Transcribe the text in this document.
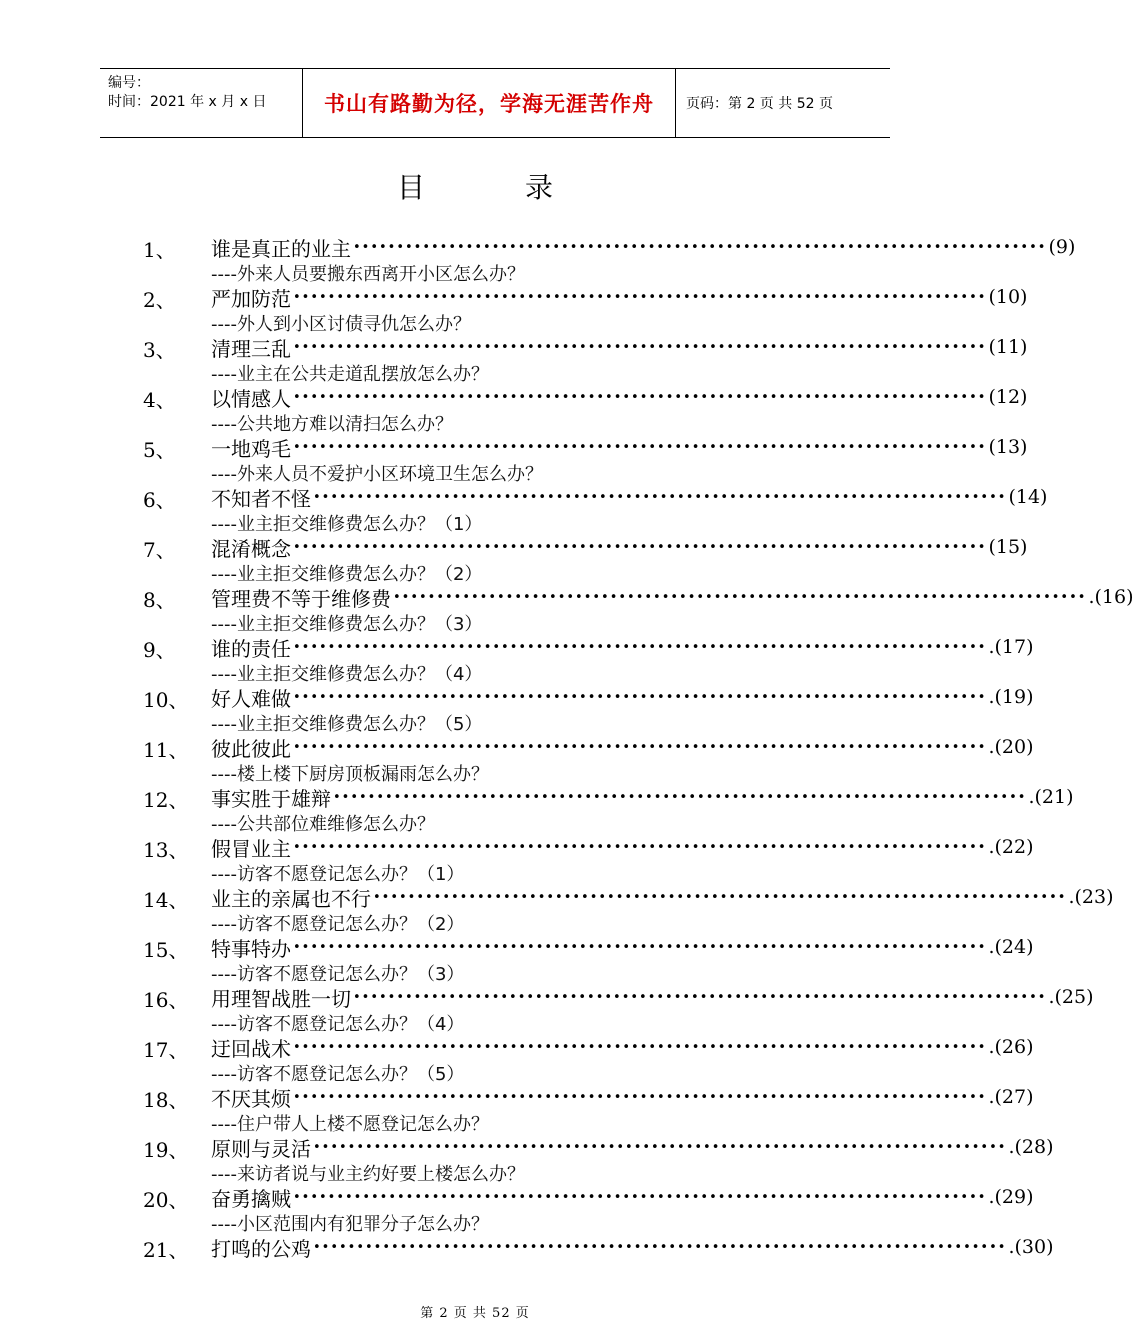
编号：
时间：2021 年 x 月 x 日	书山有路勤为径，学海无涯苦作舟	页码：第 2 页 共 52 页
目录
1、 谁是真正的业主 •••••••••••••••••••••••••••••••••••••••••••••••••••••••••••••••••••••••••••••••• (9)
----外来人员要搬东西离开小区怎么办？
2、 严加防范 •••••••••••••••••••••••••••••••••••••••••••••••••••••••••••••••••••••••••••••••• (10)
----外人到小区讨债寻仇怎么办？
3、 清理三乱 •••••••••••••••••••••••••••••••••••••••••••••••••••••••••••••••••••••••••••••••• (11)
----业主在公共走道乱摆放怎么办？
4、 以情感人 •••••••••••••••••••••••••••••••••••••••••••••••••••••••••••••••••••••••••••••••• (12)
----公共地方难以清扫怎么办？
5、 一地鸡毛 •••••••••••••••••••••••••••••••••••••••••••••••••••••••••••••••••••••••••••••••• (13)
----外来人员不爱护小区环境卫生怎么办？
6、 不知者不怪 •••••••••••••••••••••••••••••••••••••••••••••••••••••••••••••••••••••••••••••••• (14)
----业主拒交维修费怎么办？（1）
7、 混淆概念 •••••••••••••••••••••••••••••••••••••••••••••••••••••••••••••••••••••••••••••••• (15)
----业主拒交维修费怎么办？（2）
8、 管理费不等于维修费 •••••••••••••••••••••••••••••••••••••••••••••••••••••••••••••••••••••••••••••••• .(16)
----业主拒交维修费怎么办？（3）
9、 谁的责任 •••••••••••••••••••••••••••••••••••••••••••••••••••••••••••••••••••••••••••••••• .(17)
----业主拒交维修费怎么办？（4）
10、 好人难做 •••••••••••••••••••••••••••••••••••••••••••••••••••••••••••••••••••••••••••••••• .(19)
----业主拒交维修费怎么办？（5）
11、 彼此彼此 •••••••••••••••••••••••••••••••••••••••••••••••••••••••••••••••••••••••••••••••• .(20)
----楼上楼下厨房顶板漏雨怎么办？
12、 事实胜于雄辩 •••••••••••••••••••••••••••••••••••••••••••••••••••••••••••••••••••••••••••••••• .(21)
----公共部位难维修怎么办？
13、 假冒业主 •••••••••••••••••••••••••••••••••••••••••••••••••••••••••••••••••••••••••••••••• .(22)
----访客不愿登记怎么办？（1）
14、 业主的亲属也不行 •••••••••••••••••••••••••••••••••••••••••••••••••••••••••••••••••••••••••••••••• .(23)
----访客不愿登记怎么办？（2）
15、 特事特办 •••••••••••••••••••••••••••••••••••••••••••••••••••••••••••••••••••••••••••••••• .(24)
----访客不愿登记怎么办？（3）
16、 用理智战胜一切 •••••••••••••••••••••••••••••••••••••••••••••••••••••••••••••••••••••••••••••••• .(25)
----访客不愿登记怎么办？（4）
17、 迂回战术 •••••••••••••••••••••••••••••••••••••••••••••••••••••••••••••••••••••••••••••••• .(26)
----访客不愿登记怎么办？（5）
18、 不厌其烦 •••••••••••••••••••••••••••••••••••••••••••••••••••••••••••••••••••••••••••••••• .(27)
----住户带人上楼不愿登记怎么办？
19、 原则与灵活 •••••••••••••••••••••••••••••••••••••••••••••••••••••••••••••••••••••••••••••••• .(28)
----来访者说与业主约好要上楼怎么办？
20、 奋勇擒贼 •••••••••••••••••••••••••••••••••••••••••••••••••••••••••••••••••••••••••••••••• .(29)
----小区范围内有犯罪分子怎么办？
21、 打鸣的公鸡 •••••••••••••••••••••••••••••••••••••••••••••••••••••••••••••••••••••••••••••••• .(30)
第 2 页 共 52 页
